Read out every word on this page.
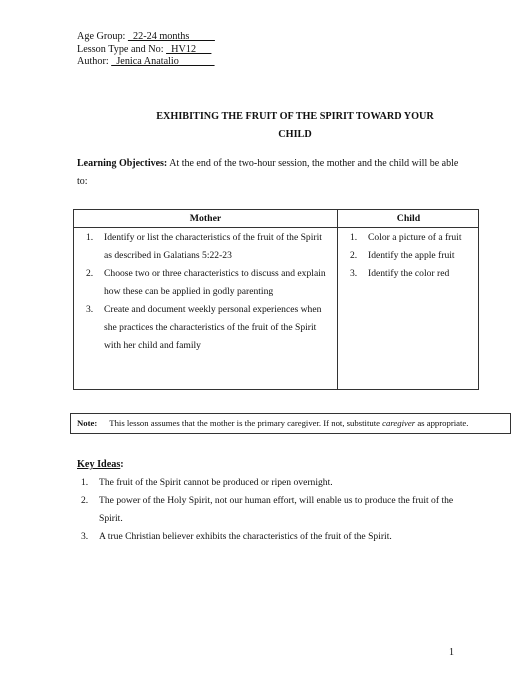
Age Group: _22-24 months_____
Lesson Type and No: _HV12___
Author: _Jenica Anatalio_______
EXHIBITING THE FRUIT OF THE SPIRIT TOWARD YOUR
CHILD
Learning Objectives: At the end of the two-hour session, the mother and the child will be able to:
Mother	Child
1. Identify or list the characteristics of the fruit of the Spirit as described in Galatians 5:22-23
2. Choose two or three characteristics to discuss and explain how these can be applied in godly parenting
3. Create and document weekly personal experiences when she practices the characteristics of the fruit of the Spirit with her child and family
1. Color a picture of a fruit
2. Identify the apple fruit
3. Identify the color red
Note: This lesson assumes that the mother is the primary caregiver. If not, substitute caregiver as appropriate.
Key Ideas:
1. The fruit of the Spirit cannot be produced or ripen overnight.
2. The power of the Holy Spirit, not our human effort, will enable us to produce the fruit of the Spirit.
3. A true Christian believer exhibits the characteristics of the fruit of the Spirit.
1
